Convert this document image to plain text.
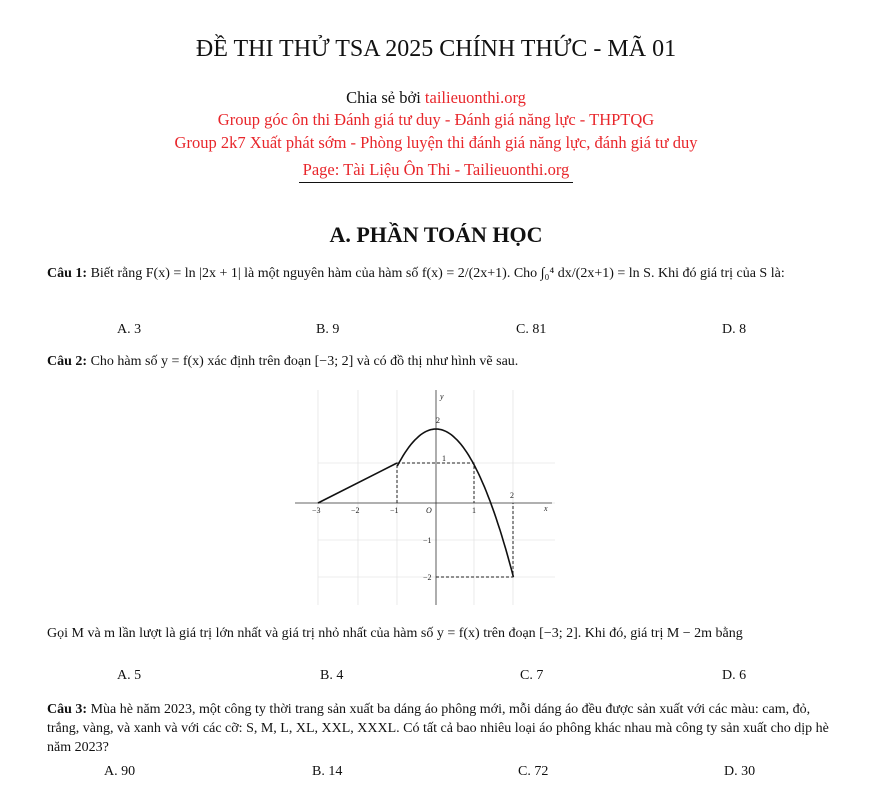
ĐỀ THI THỬ TSA 2025 CHÍNH THỨC - MÃ 01
Chia sẻ bởi tailieuonthi.org
Group góc ôn thi Đánh giá tư duy - Đánh giá năng lực - THPTQG
Group 2k7 Xuất phát sớm - Phòng luyện thi đánh giá năng lực, đánh giá tư duy
Page: Tài Liệu Ôn Thi - Tailieuonthi.org
A. PHẦN TOÁN HỌC
Câu 1: Biết rằng F(x) = ln |2x + 1| là một nguyên hàm của hàm số f(x) = 2/(2x+1). Cho ∫₀⁴ dx/(2x+1) = ln S. Khi đó giá trị của S là:
A. 3	B. 9	C. 81	D. 8
Câu 2: Cho hàm số y = f(x) xác định trên đoạn [−3; 2] và có đồ thị như hình vẽ sau.
−3	−2	−1	O	1
2
2
1
−1
−2
x
y
Gọi M và m lần lượt là giá trị lớn nhất và giá trị nhỏ nhất của hàm số y = f(x) trên đoạn [−3; 2]. Khi đó, giá trị M − 2m bằng
A. 5	B. 4	C. 7	D. 6
Câu 3: Mùa hè năm 2023, một công ty thời trang sản xuất ba dáng áo phông mới, mỗi dáng áo đều được sản xuất với các màu: cam, đỏ, trắng, vàng, và xanh và với các cỡ: S, M, L, XL, XXL, XXXL. Có tất cả bao nhiêu loại áo phông khác nhau mà công ty sản xuất cho dịp hè năm 2023?
A. 90	B. 14	C. 72	D. 30
